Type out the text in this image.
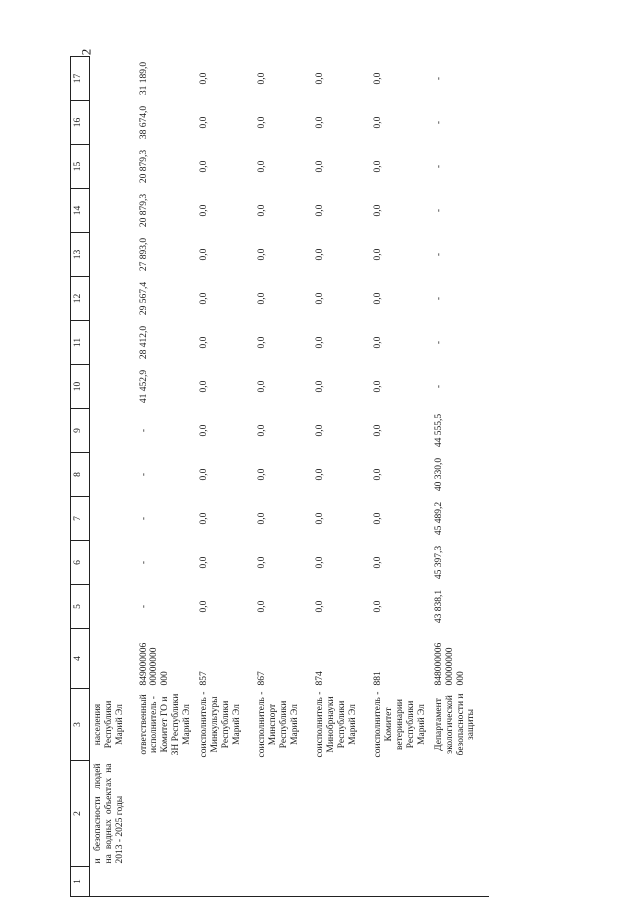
2
1	2	3	4	5	6	7	8	9	10	11	12	13	14	15	16	17
	и безопасности людей на водных объектах на 2013 - 2025 годы	населения Республики Марий Эл														
		ответственный исполнитель - Комитет ГО и ЗН Республики Марий Эл	849000006 00000000 000	-	-	-	-	-	41 452,9	28 412,0	29 567,4	27 893,0	20 879,3	20 879,3	38 674,0	31 189,0
		соисполнитель - Минкультуры Республики Марий Эл	857	0,0	0,0	0,0	0,0	0,0	0,0	0,0	0,0	0,0	0,0	0,0	0,0	0,0
		соисполнитель - Минспорт Республики Марий Эл	867	0,0	0,0	0,0	0,0	0,0	0,0	0,0	0,0	0,0	0,0	0,0	0,0	0,0
		соисполнитель - Минобрнауки Республики Марий Эл	874	0,0	0,0	0,0	0,0	0,0	0,0	0,0	0,0	0,0	0,0	0,0	0,0	0,0
		соисполнитель - Комитет ветеринарии Республики Марий Эл	881	0,0	0,0	0,0	0,0	0,0	0,0	0,0	0,0	0,0	0,0	0,0	0,0	0,0
		Департамент экологической безопасности и защиты	848000006 00000000 000	43 838,1	45 397,3	45 489,2	40 330,0	44 555,5	-	-	-	-	-	-	-	-
